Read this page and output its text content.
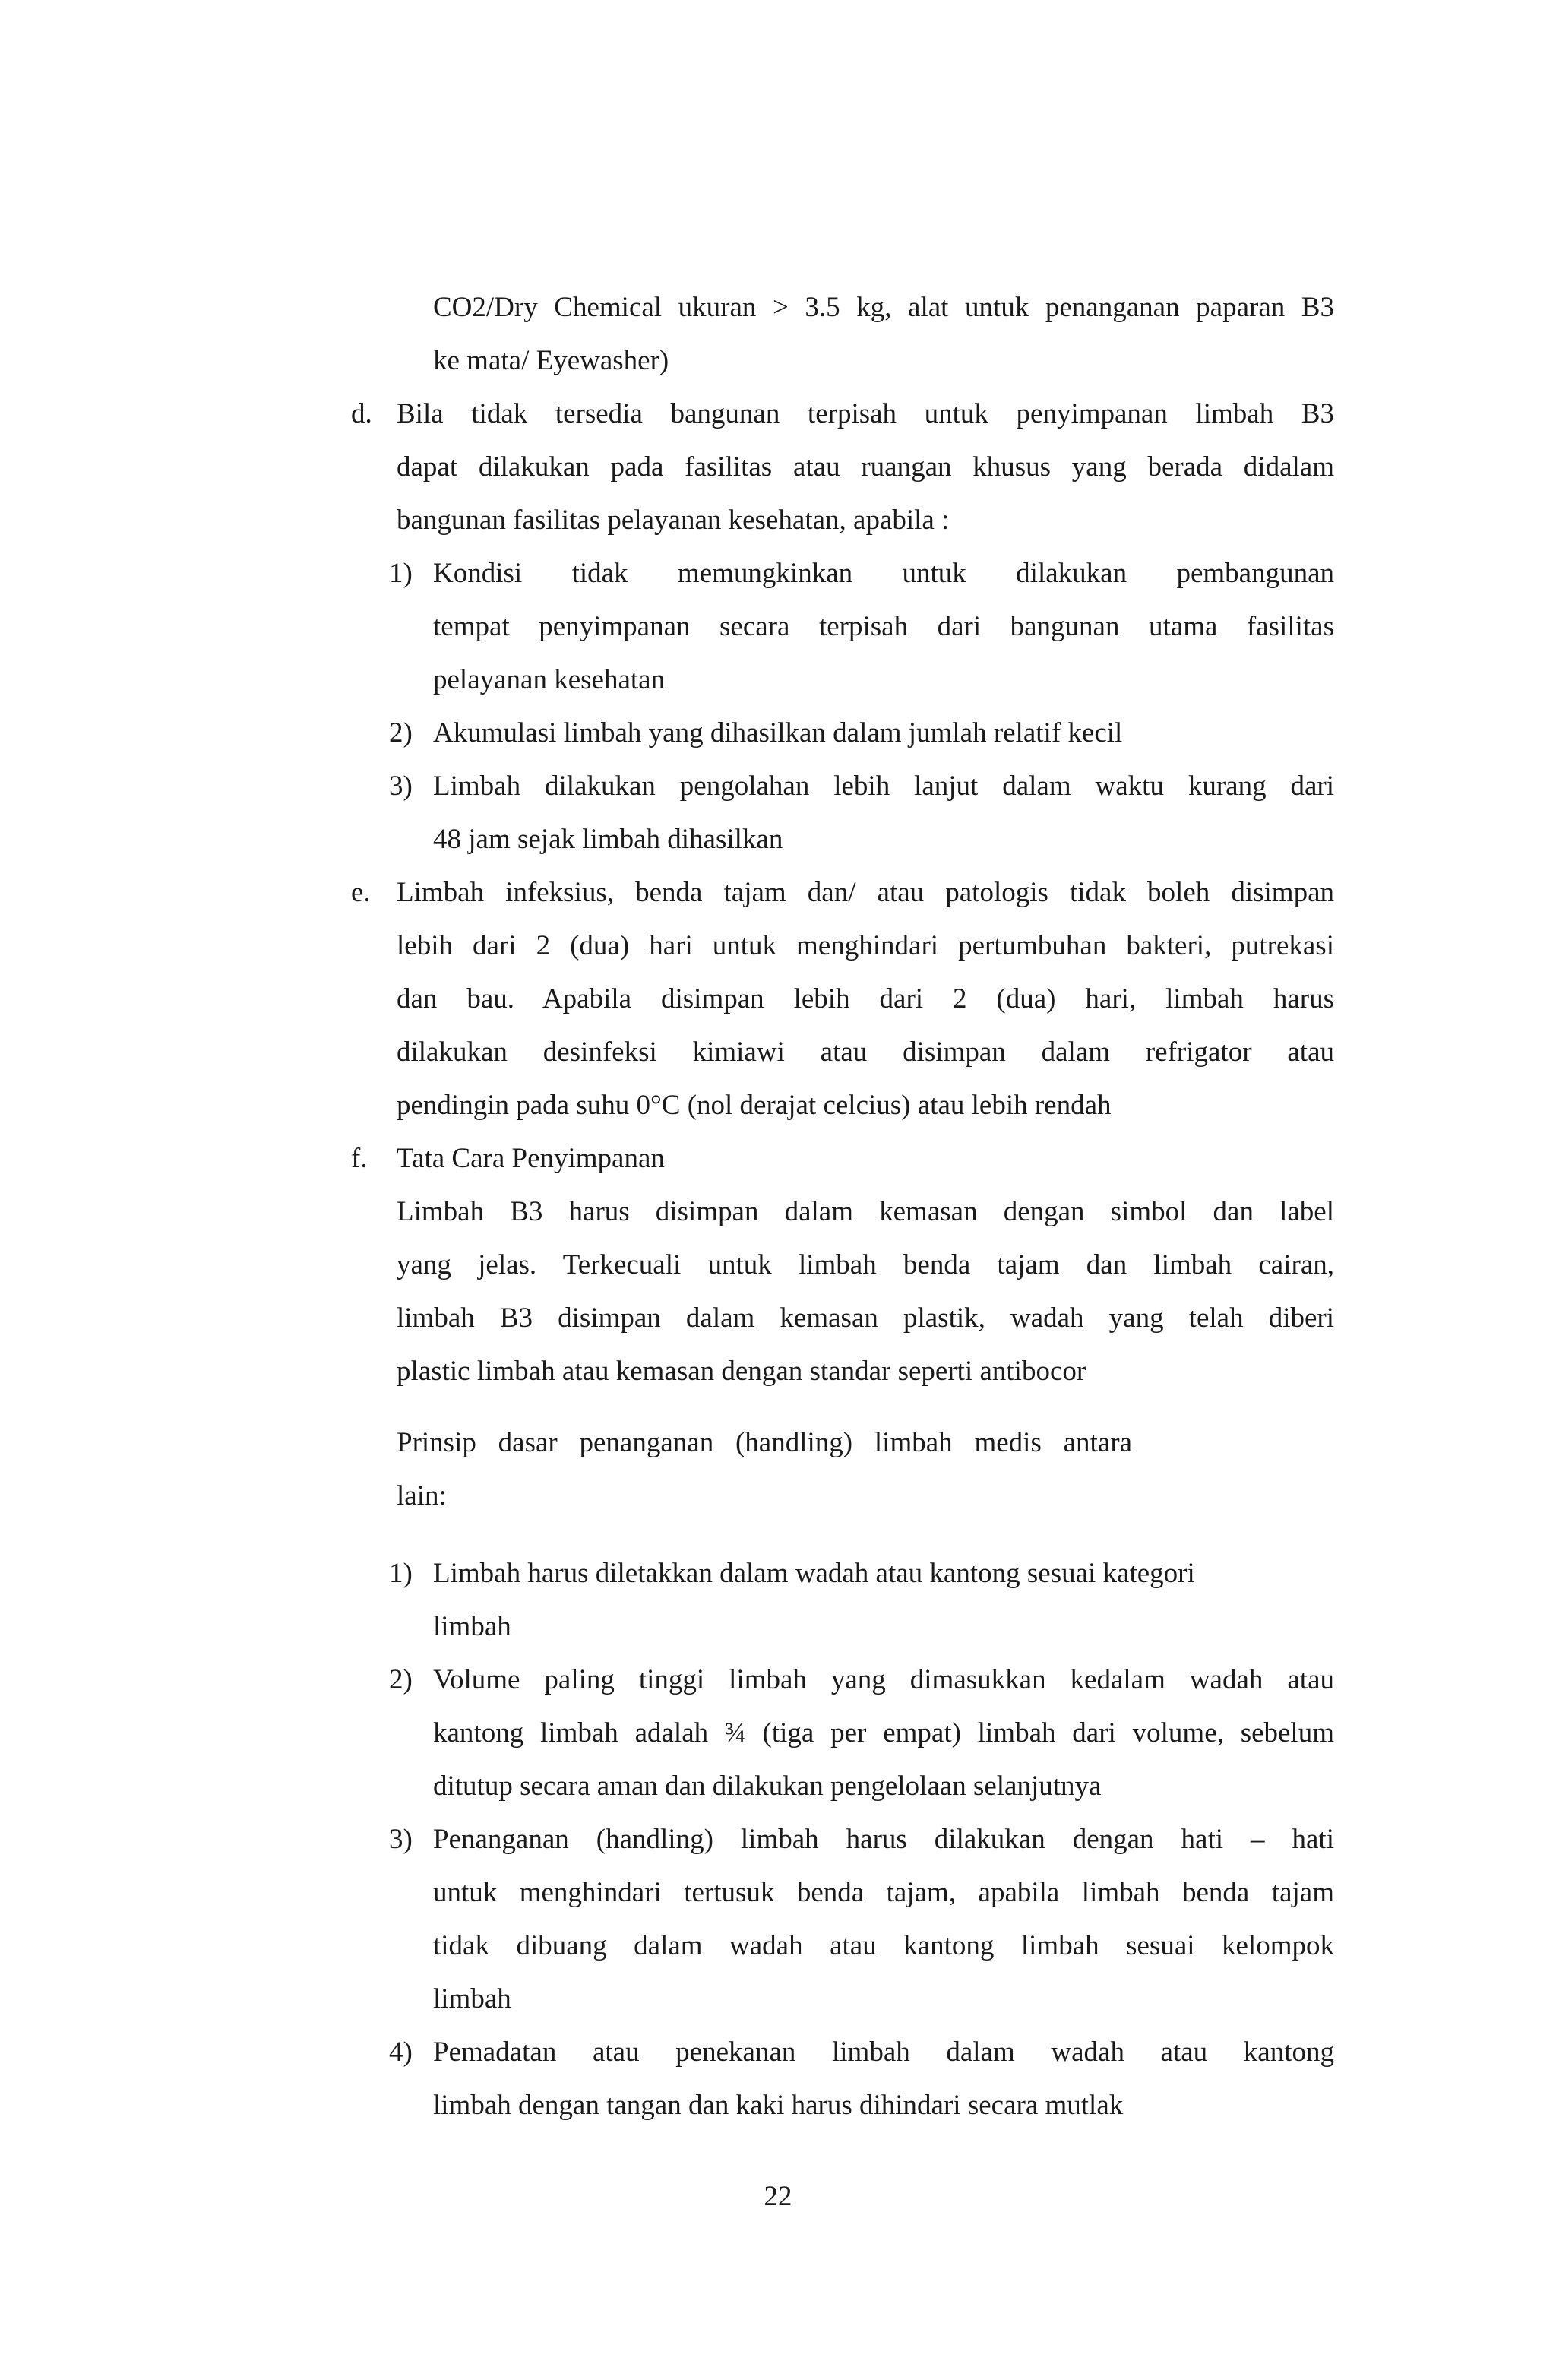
CO2/Dry Chemical ukuran > 3.5 kg, alat untuk penanganan paparan B3
ke mata/ Eyewasher)
d. Bila tidak tersedia bangunan terpisah untuk penyimpanan limbah B3
dapat dilakukan pada fasilitas atau ruangan khusus yang berada didalam
bangunan fasilitas pelayanan kesehatan, apabila :
1) Kondisi tidak memungkinkan untuk dilakukan pembangunan
tempat penyimpanan secara terpisah dari bangunan utama fasilitas
pelayanan kesehatan
2) Akumulasi limbah yang dihasilkan dalam jumlah relatif kecil
3) Limbah dilakukan pengolahan lebih lanjut dalam waktu kurang dari
48 jam sejak limbah dihasilkan
e. Limbah infeksius, benda tajam dan/ atau patologis tidak boleh disimpan
lebih dari 2 (dua) hari untuk menghindari pertumbuhan bakteri, putrekasi
dan bau. Apabila disimpan lebih dari 2 (dua) hari, limbah harus
dilakukan desinfeksi kimiawi atau disimpan dalam refrigator atau
pendingin pada suhu 0°C (nol derajat celcius) atau lebih rendah
f. Tata Cara Penyimpanan
Limbah B3 harus disimpan dalam kemasan dengan simbol dan label
yang jelas. Terkecuali untuk limbah benda tajam dan limbah cairan,
limbah B3 disimpan dalam kemasan plastik, wadah yang telah diberi
plastic limbah atau kemasan dengan standar seperti antibocor
Prinsip dasar penanganan (handling) limbah medis antara
lain:
1) Limbah harus diletakkan dalam wadah atau kantong sesuai kategori
limbah
2) Volume paling tinggi limbah yang dimasukkan kedalam wadah atau
kantong limbah adalah ¾ (tiga per empat) limbah dari volume, sebelum
ditutup secara aman dan dilakukan pengelolaan selanjutnya
3) Penanganan (handling) limbah harus dilakukan dengan hati – hati
untuk menghindari tertusuk benda tajam, apabila limbah benda tajam
tidak dibuang dalam wadah atau kantong limbah sesuai kelompok
limbah
4) Pemadatan atau penekanan limbah dalam wadah atau kantong
limbah dengan tangan dan kaki harus dihindari secara mutlak
22
